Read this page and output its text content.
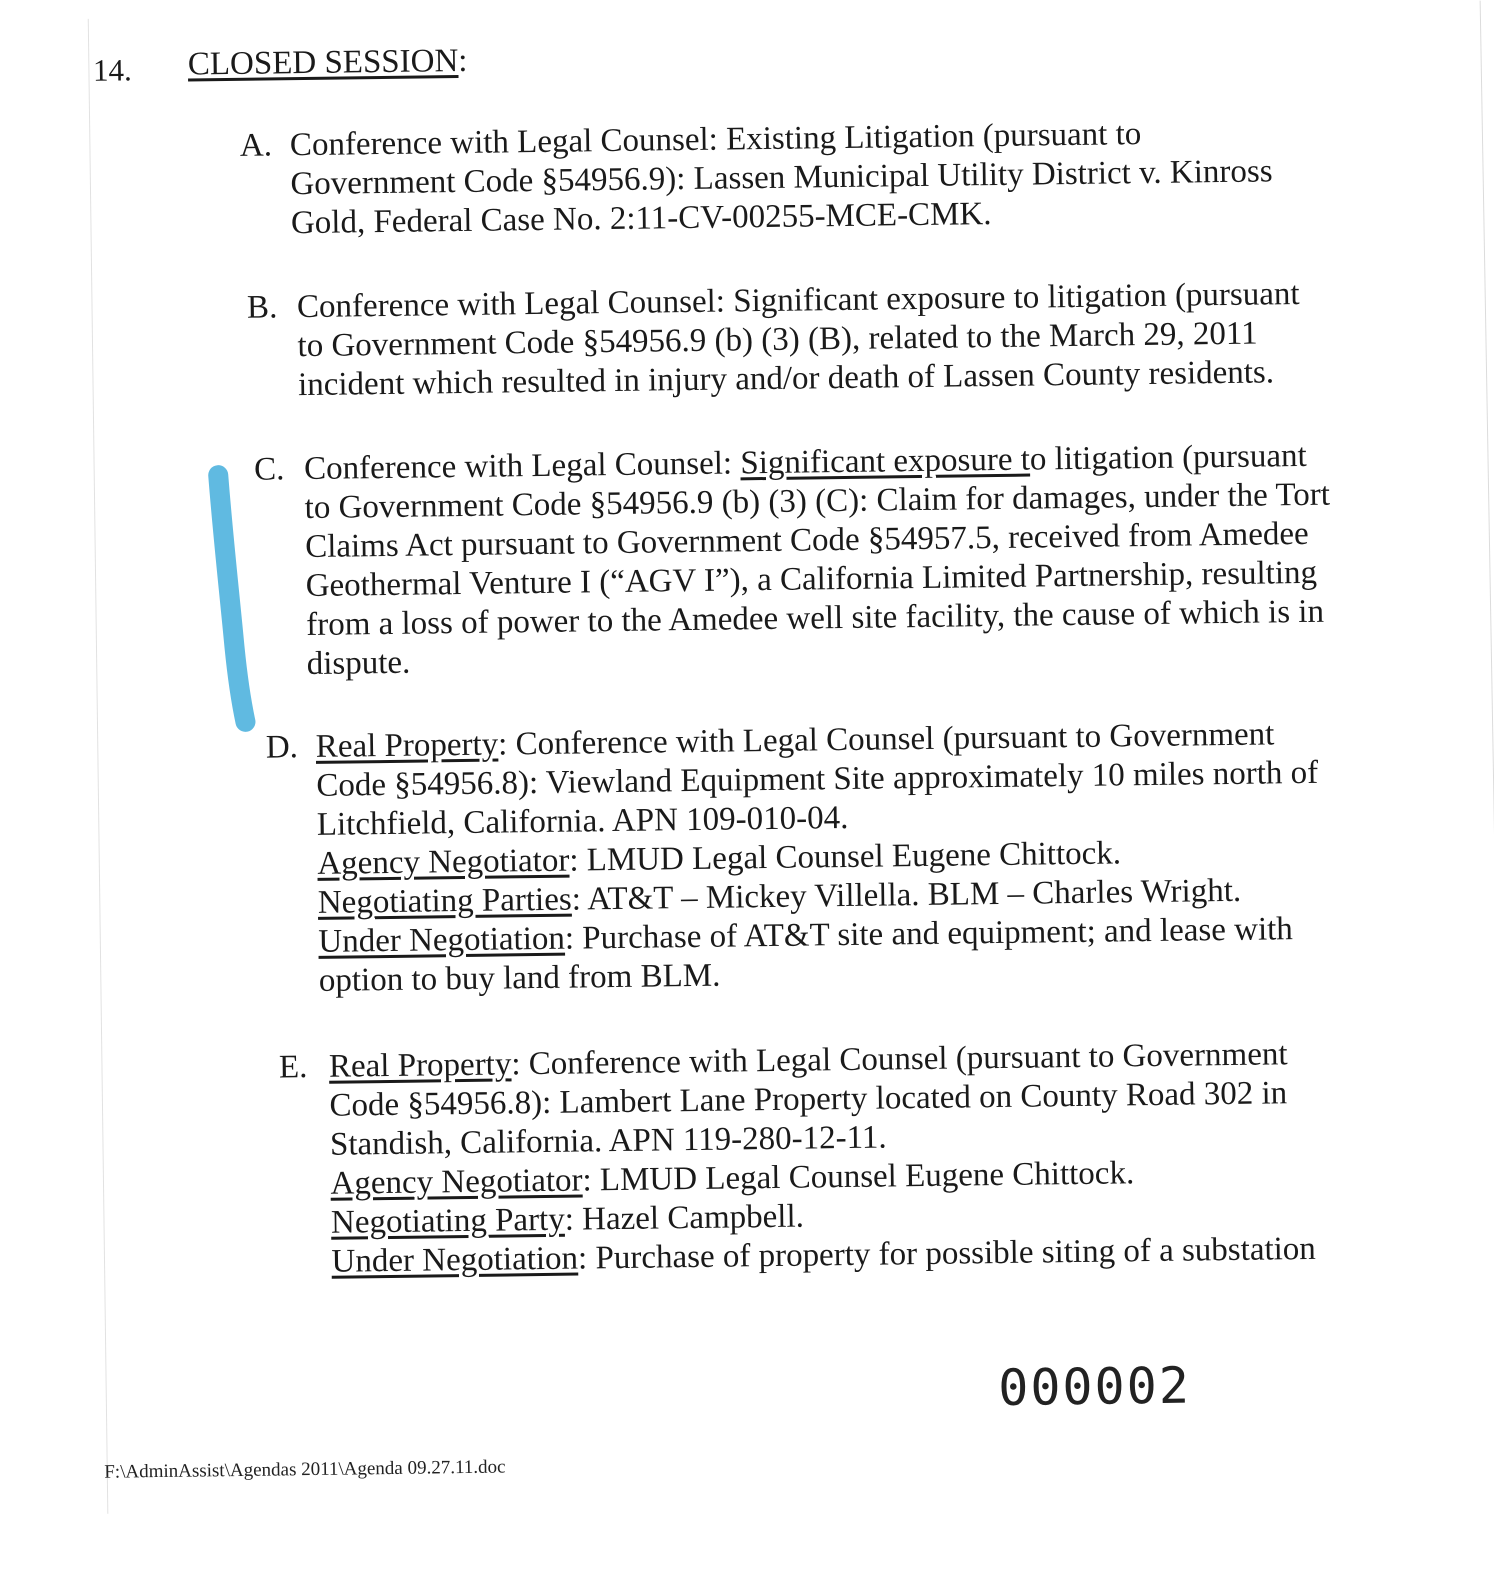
14. CLOSED SESSION:
A. Conference with Legal Counsel: Existing Litigation (pursuant to
Government Code §54956.9): Lassen Municipal Utility District v. Kinross
Gold, Federal Case No. 2:11-CV-00255-MCE-CMK.
B. Conference with Legal Counsel: Significant exposure to litigation (pursuant
to Government Code §54956.9 (b) (3) (B), related to the March 29, 2011
incident which resulted in injury and/or death of Lassen County residents.
C. Conference with Legal Counsel: Significant exposure to litigation (pursuant
to Government Code §54956.9 (b) (3) (C): Claim for damages, under the Tort
Claims Act pursuant to Government Code §54957.5, received from Amedee
Geothermal Venture I (“AGV I”), a California Limited Partnership, resulting
from a loss of power to the Amedee well site facility, the cause of which is in
dispute.
D. Real Property: Conference with Legal Counsel (pursuant to Government
Code §54956.8): Viewland Equipment Site approximately 10 miles north of
Litchfield, California. APN 109-010-04.
Agency Negotiator: LMUD Legal Counsel Eugene Chittock.
Negotiating Parties: AT&T – Mickey Villella. BLM – Charles Wright.
Under Negotiation: Purchase of AT&T site and equipment; and lease with
option to buy land from BLM.
E. Real Property: Conference with Legal Counsel (pursuant to Government
Code §54956.8): Lambert Lane Property located on County Road 302 in
Standish, California. APN 119-280-12-11.
Agency Negotiator: LMUD Legal Counsel Eugene Chittock.
Negotiating Party: Hazel Campbell.
Under Negotiation: Purchase of property for possible siting of a substation
000002
F:\AdminAssist\Agendas 2011\Agenda 09.27.11.doc
